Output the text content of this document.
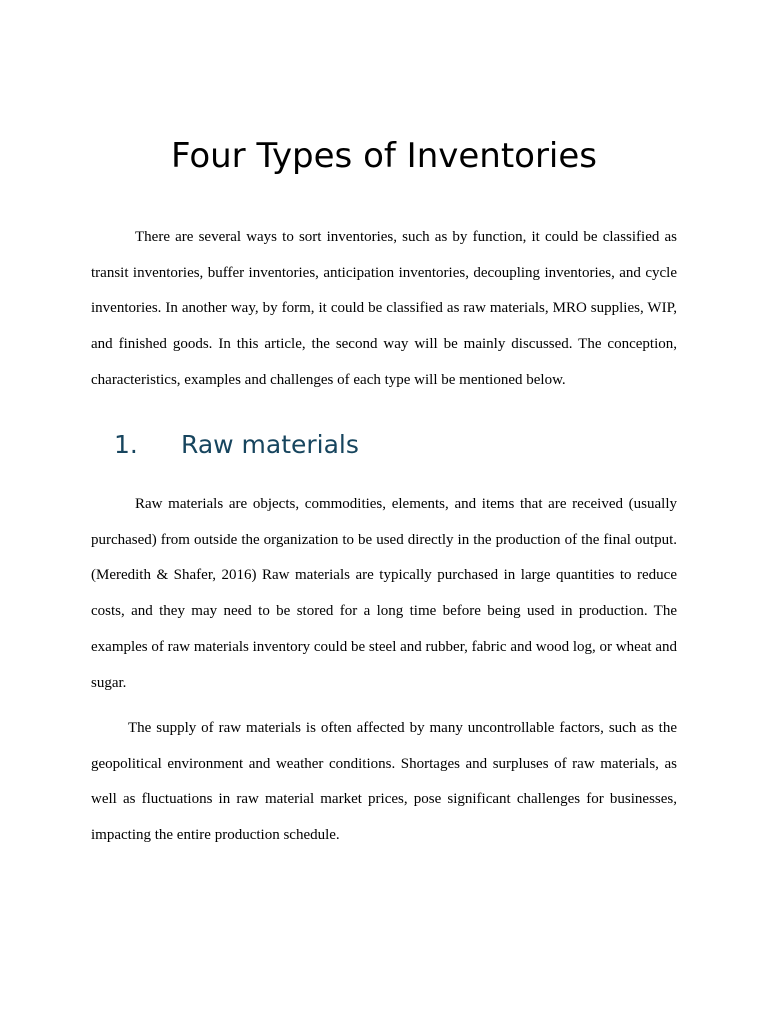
Four Types of Inventories

There are several ways to sort inventories, such as by function, it could be classified as transit inventories, buffer inventories, anticipation inventories, decoupling inventories, and cycle inventories. In another way, by form, it could be classified as raw materials, MRO supplies, WIP, and finished goods. In this article, the second way will be mainly discussed. The conception, characteristics, examples and challenges of each type will be mentioned below.

1. Raw materials

Raw materials are objects, commodities, elements, and items that are received (usually purchased) from outside the organization to be used directly in the production of the final output. (Meredith & Shafer, 2016) Raw materials are typically purchased in large quantities to reduce costs, and they may need to be stored for a long time before being used in production. The examples of raw materials inventory could be steel and rubber, fabric and wood log, or wheat and sugar.

The supply of raw materials is often affected by many uncontrollable factors, such as the geopolitical environment and weather conditions. Shortages and surpluses of raw materials, as well as fluctuations in raw material market prices, pose significant challenges for businesses, impacting the entire production schedule.
